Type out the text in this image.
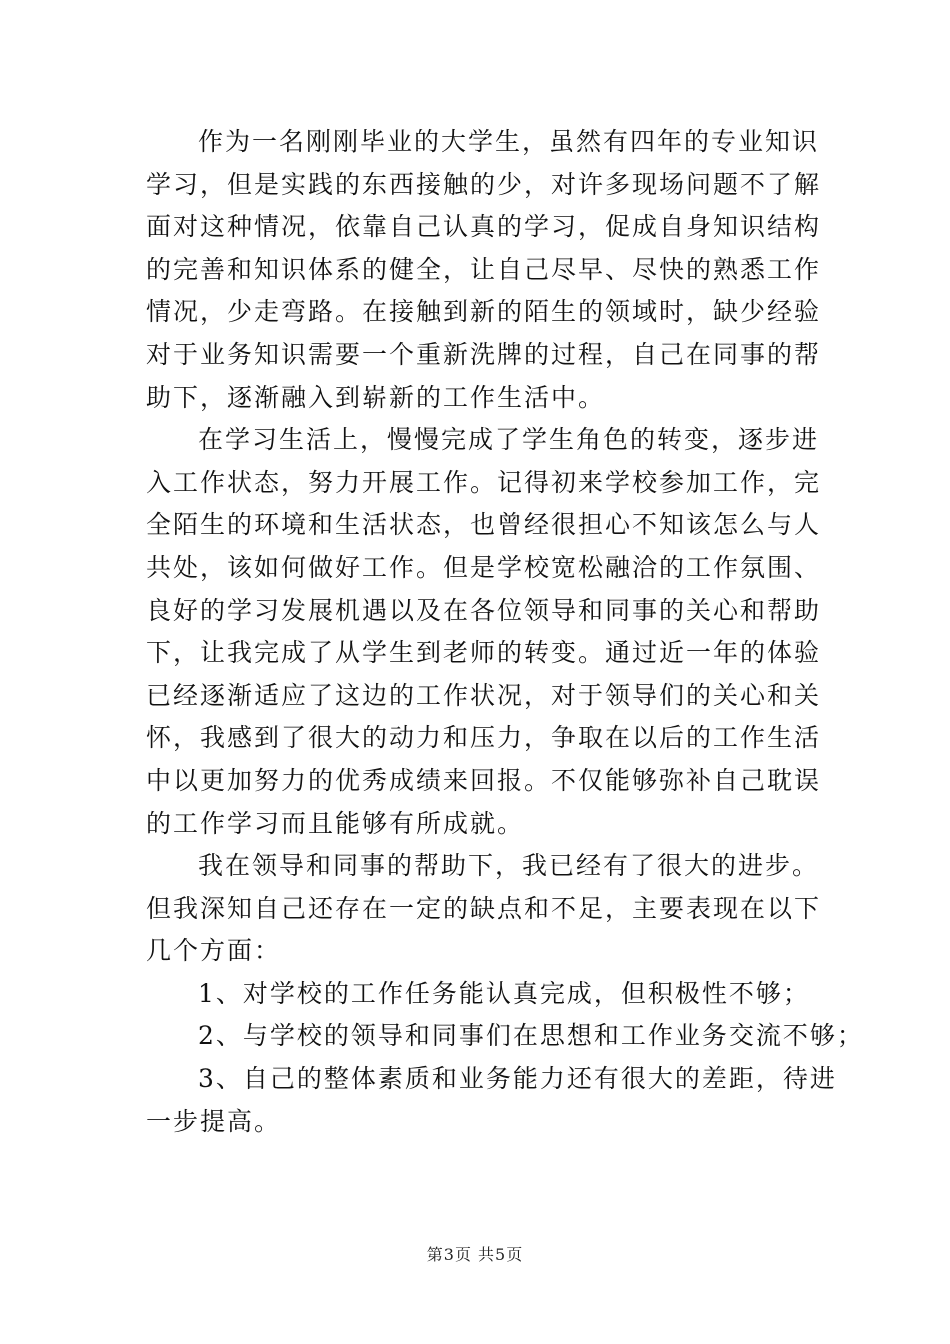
作为一名刚刚毕业的大学生，虽然有四年的专业知识
学习，但是实践的东西接触的少，对许多现场问题不了解
面对这种情况，依靠自己认真的学习，促成自身知识结构
的完善和知识体系的健全，让自己尽早、尽快的熟悉工作
情况，少走弯路。在接触到新的陌生的领域时，缺少经验
对于业务知识需要一个重新洗牌的过程，自己在同事的帮
助下，逐渐融入到崭新的工作生活中。
在学习生活上，慢慢完成了学生角色的转变，逐步进
入工作状态，努力开展工作。记得初来学校参加工作，完
全陌生的环境和生活状态，也曾经很担心不知该怎么与人
共处，该如何做好工作。但是学校宽松融洽的工作氛围、
良好的学习发展机遇以及在各位领导和同事的关心和帮助
下，让我完成了从学生到老师的转变。通过近一年的体验
已经逐渐适应了这边的工作状况，对于领导们的关心和关
怀，我感到了很大的动力和压力，争取在以后的工作生活
中以更加努力的优秀成绩来回报。不仅能够弥补自己耽误
的工作学习而且能够有所成就。
我在领导和同事的帮助下，我已经有了很大的进步。
但我深知自己还存在一定的缺点和不足，主要表现在以下
几个方面：
1、对学校的工作任务能认真完成，但积极性不够；
2、与学校的领导和同事们在思想和工作业务交流不够；
3、自己的整体素质和业务能力还有很大的差距，待进
一步提高。
第3页 共5页
